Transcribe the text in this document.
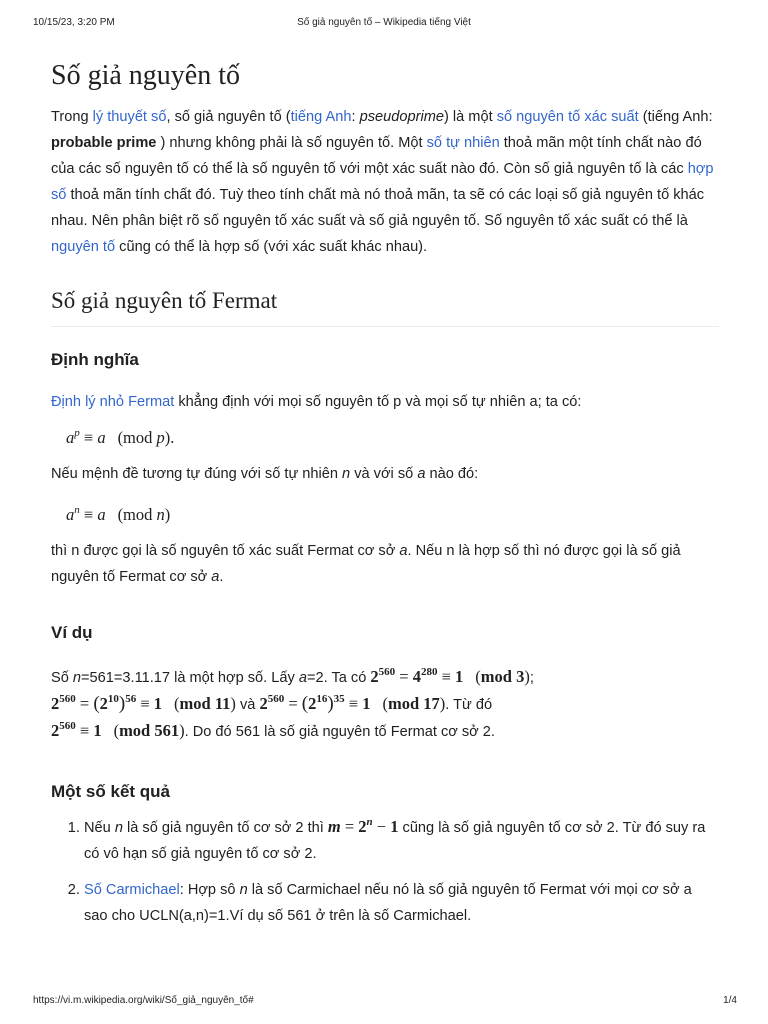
10/15/23, 3:20 PM	Số giả nguyên tố – Wikipedia tiếng Việt
Số giả nguyên tố

Trong lý thuyết số, số giả nguyên tố (tiếng Anh: pseudoprime) là một số nguyên tố xác suất (tiếng Anh: probable prime ) nhưng không phải là số nguyên tố. Một số tự nhiên thoả mãn một tính chất nào đó của các số nguyên tố có thể là số nguyên tố với một xác suất nào đó. Còn số giả nguyên tố là các hợp số thoả mãn tính chất đó. Tuỳ theo tính chất mà nó thoả mãn, ta sẽ có các loại số giả nguyên tố khác nhau. Nên phân biệt rõ số nguyên tố xác suất và số giả nguyên tố. Số nguyên tố xác suất có thể là nguyên tố cũng có thể là hợp số (với xác suất khác nhau).

Số giả nguyên tố Fermat
Định nghĩa

Định lý nhỏ Fermat khẳng định với mọi số nguyên tố p và mọi số tự nhiên a; ta có:

$a^p \equiv a$ (mod p).

Nếu mệnh đề tương tự đúng với số tự nhiên n và với số a nào đó:

$a^n \equiv a$ (mod n)

thì n được gọi là số nguyên tố xác suất Fermat cơ sở a. Nếu n là hợp số thì nó được gọi là số giả nguyên tố Fermat cơ sở a.

Ví dụ

Số n=561=3.11.17 là một hợp số. Lấy a=2. Ta có $2^{560} = 4^{280} \equiv 1$ (mod 3);
$2^{560} = (2^{10})^{56} \equiv 1$ (mod 11) và $2^{560} = (2^{16})^{35} \equiv 1$ (mod 17). Từ đó
$2^{560} \equiv 1$ (mod 561). Do đó 561 là số giả nguyên tố Fermat cơ sở 2.

Một số kết quả
1. Nếu n là số giả nguyên tố cơ sở 2 thì $m = 2^n - 1$ cũng là số giả nguyên tố cơ sở 2. Từ đó suy ra có vô hạn số giả nguyên tố cơ sở 2.
2. Số Carmichael: Hợp sô n là số Carmichael nếu nó là số giả nguyên tố Fermat với mọi cơ sở a sao cho UCLN(a,n)=1.Ví dụ số 561 ở trên là số Carmichael.
https://vi.m.wikipedia.org/wiki/Số_giả_nguyên_tố#	1/4
